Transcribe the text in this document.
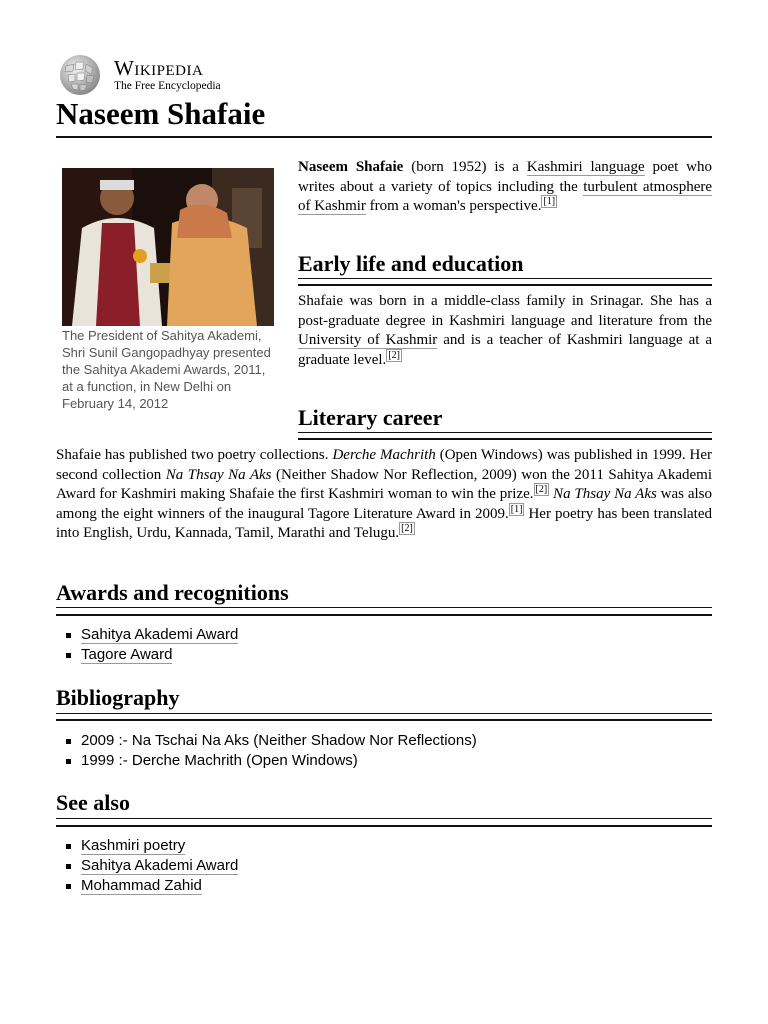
Wikipedia
The Free Encyclopedia
Naseem Shafaie
The President of Sahitya Akademi, Shri Sunil Gangopadhyay presented the Sahitya Akademi Awards, 2011, at a function, in New Delhi on February 14, 2012

Naseem Shafaie (born 1952) is a Kashmiri language poet who writes about a variety of topics including the turbulent atmosphere of Kashmir from a woman's perspective. [1]

Early life and education

Shafaie was born in a middle-class family in Srinagar. She has a post-graduate degree in Kashmiri language and literature from the University of Kashmir and is a teacher of Kashmiri language at a graduate level. [2]

Literary career

Shafaie has published two poetry collections. Derche Machrith (Open Windows) was published in 1999. Her second collection Na Thsay Na Aks (Neither Shadow Nor Reflection, 2009) won the 2011 Sahitya Akademi Award for Kashmiri making Shafaie the first Kashmiri woman to win the prize. [2] Na Thsay Na Aks was also among the eight winners of the inaugural Tagore Literature Award in 2009. [1] Her poetry has been translated into English, Urdu, Kannada, Tamil, Marathi and Telugu. [2]

Awards and recognitions
Sahitya Akademi Award
Tagore Award
Bibliography
2009 :- Na Tschai Na Aks (Neither Shadow Nor Reflections)
1999 :- Derche Machrith (Open Windows)
See also
Kashmiri poetry
Sahitya Akademi Award
Mohammad Zahid
